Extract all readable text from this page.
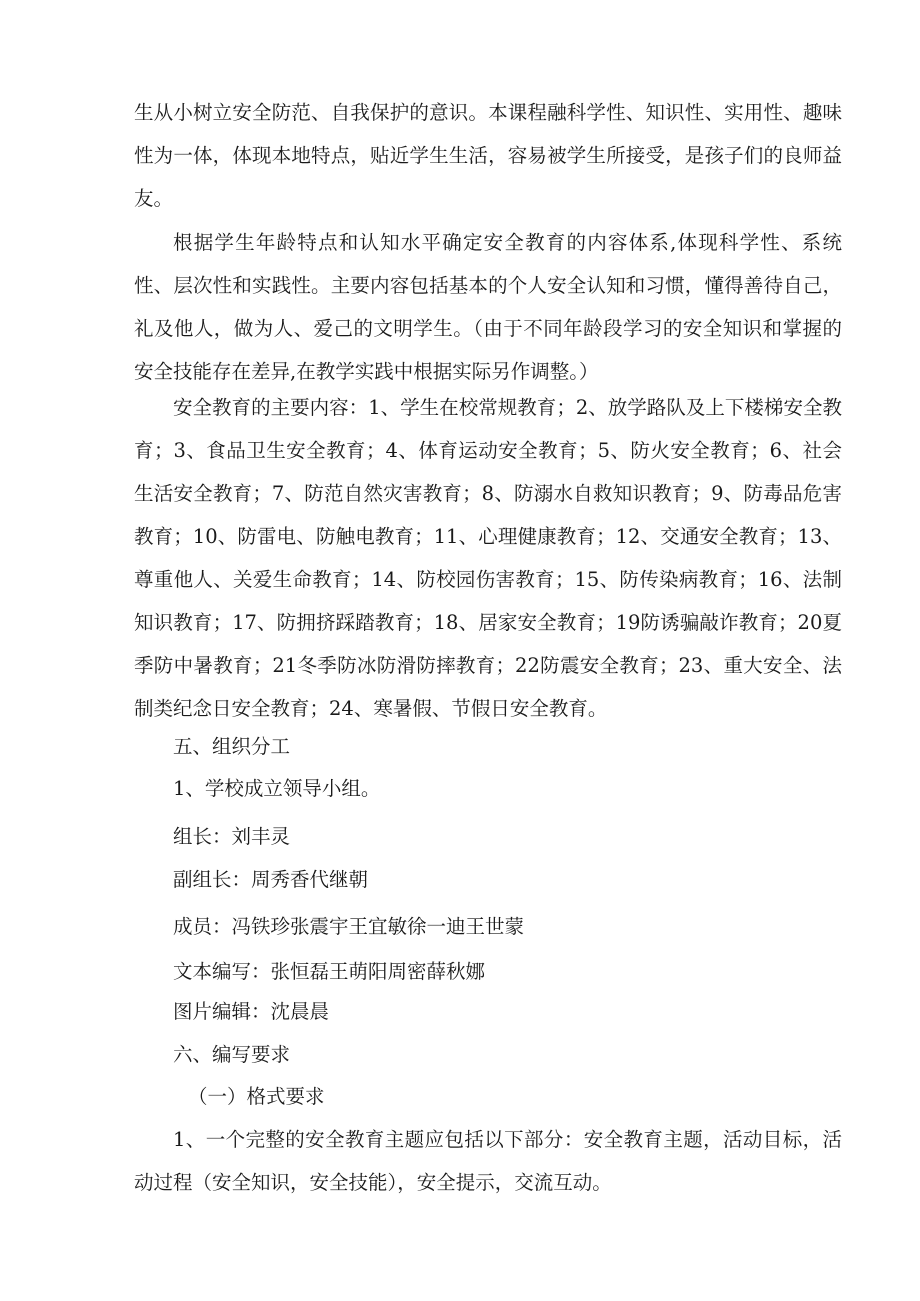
生从小树立安全防范、自我保护的意识。本课程融科学性、知识性、实用性、趣味性为一体，体现本地特点，贴近学生生活，容易被学生所接受，是孩子们的良师益友。

根据学生年龄特点和认知水平确定安全教育的内容体系,体现科学性、系统性、层次性和实践性。主要内容包括基本的个人安全认知和习惯，懂得善待自己，礼及他人，做为人、爱己的文明学生。（由于不同年龄段学习的安全知识和掌握的安全技能存在差异,在教学实践中根据实际另作调整。）

安全教育的主要内容：1、学生在校常规教育；2、放学路队及上下楼梯安全教育；3、食品卫生安全教育；4、体育运动安全教育；5、防火安全教育；6、社会生活安全教育；7、防范自然灾害教育；8、防溺水自救知识教育；9、防毒品危害教育；10、防雷电、防触电教育；11、心理健康教育；12、交通安全教育；13、尊重他人、关爱生命教育；14、防校园伤害教育；15、防传染病教育；16、法制知识教育；17、防拥挤踩踏教育；18、居家安全教育；19防诱骗敲诈教育；20夏季防中暑教育；21冬季防冰防滑防摔教育；22防震安全教育；23、重大安全、法制类纪念日安全教育；24、寒暑假、节假日安全教育。

五、组织分工

1、学校成立领导小组。

组长：刘丰灵

副组长：周秀香代继朝

成员：冯铁珍张震宇王宜敏徐一迪王世蒙

文本编写：张恒磊王萌阳周密薛秋娜

图片编辑：沈晨晨

六、编写要求

（一）格式要求

1、一个完整的安全教育主题应包括以下部分：安全教育主题，活动目标，活动过程（安全知识，安全技能），安全提示，交流互动。
